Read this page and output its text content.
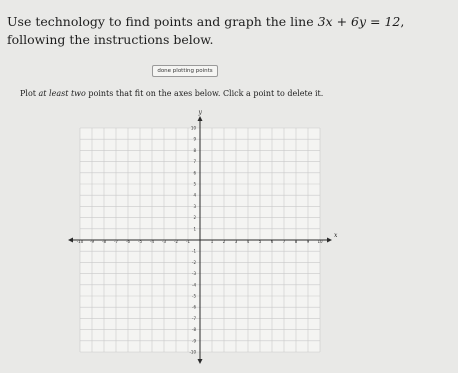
Use technology to find points and graph the line 3x + 6y = 12, following the instructions below.
done plotting points
Plot at least two points that fit on the axes below. Click a point to delete it.
-10 -9 -8 -7 -6 -5 -4 -3 -2 -1	1 2 3 4 5 6 7 8 9 10
10
9
8
7
6
5
4
3
2
1
-1
-2
-3
-4
-5
-6
-7
-8
-9
-10
x
y
